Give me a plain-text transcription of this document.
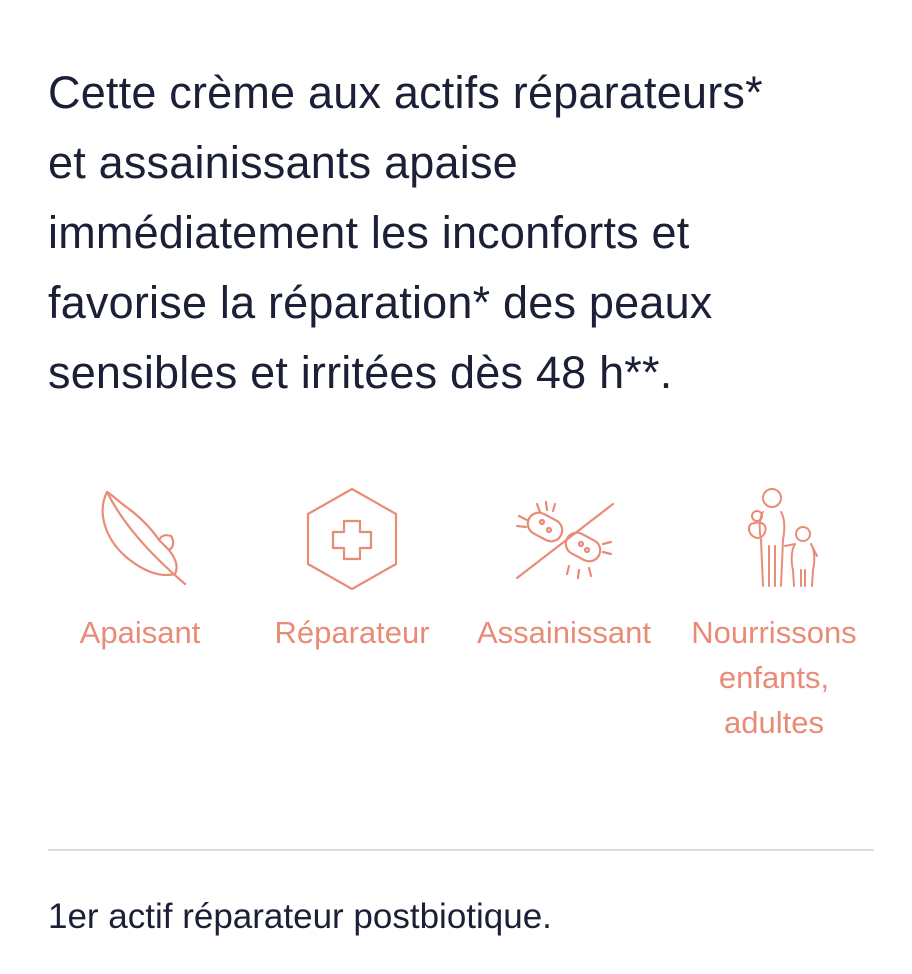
Cette crème aux actifs réparateurs*
et assainissants apaise
immédiatement les inconforts et
favorise la réparation* des peaux
sensibles et irritées dès 48 h**.

Apaisant	Réparateur	Assainissant	Nourrissons
enfants,
adultes

1er actif réparateur postbiotique.
